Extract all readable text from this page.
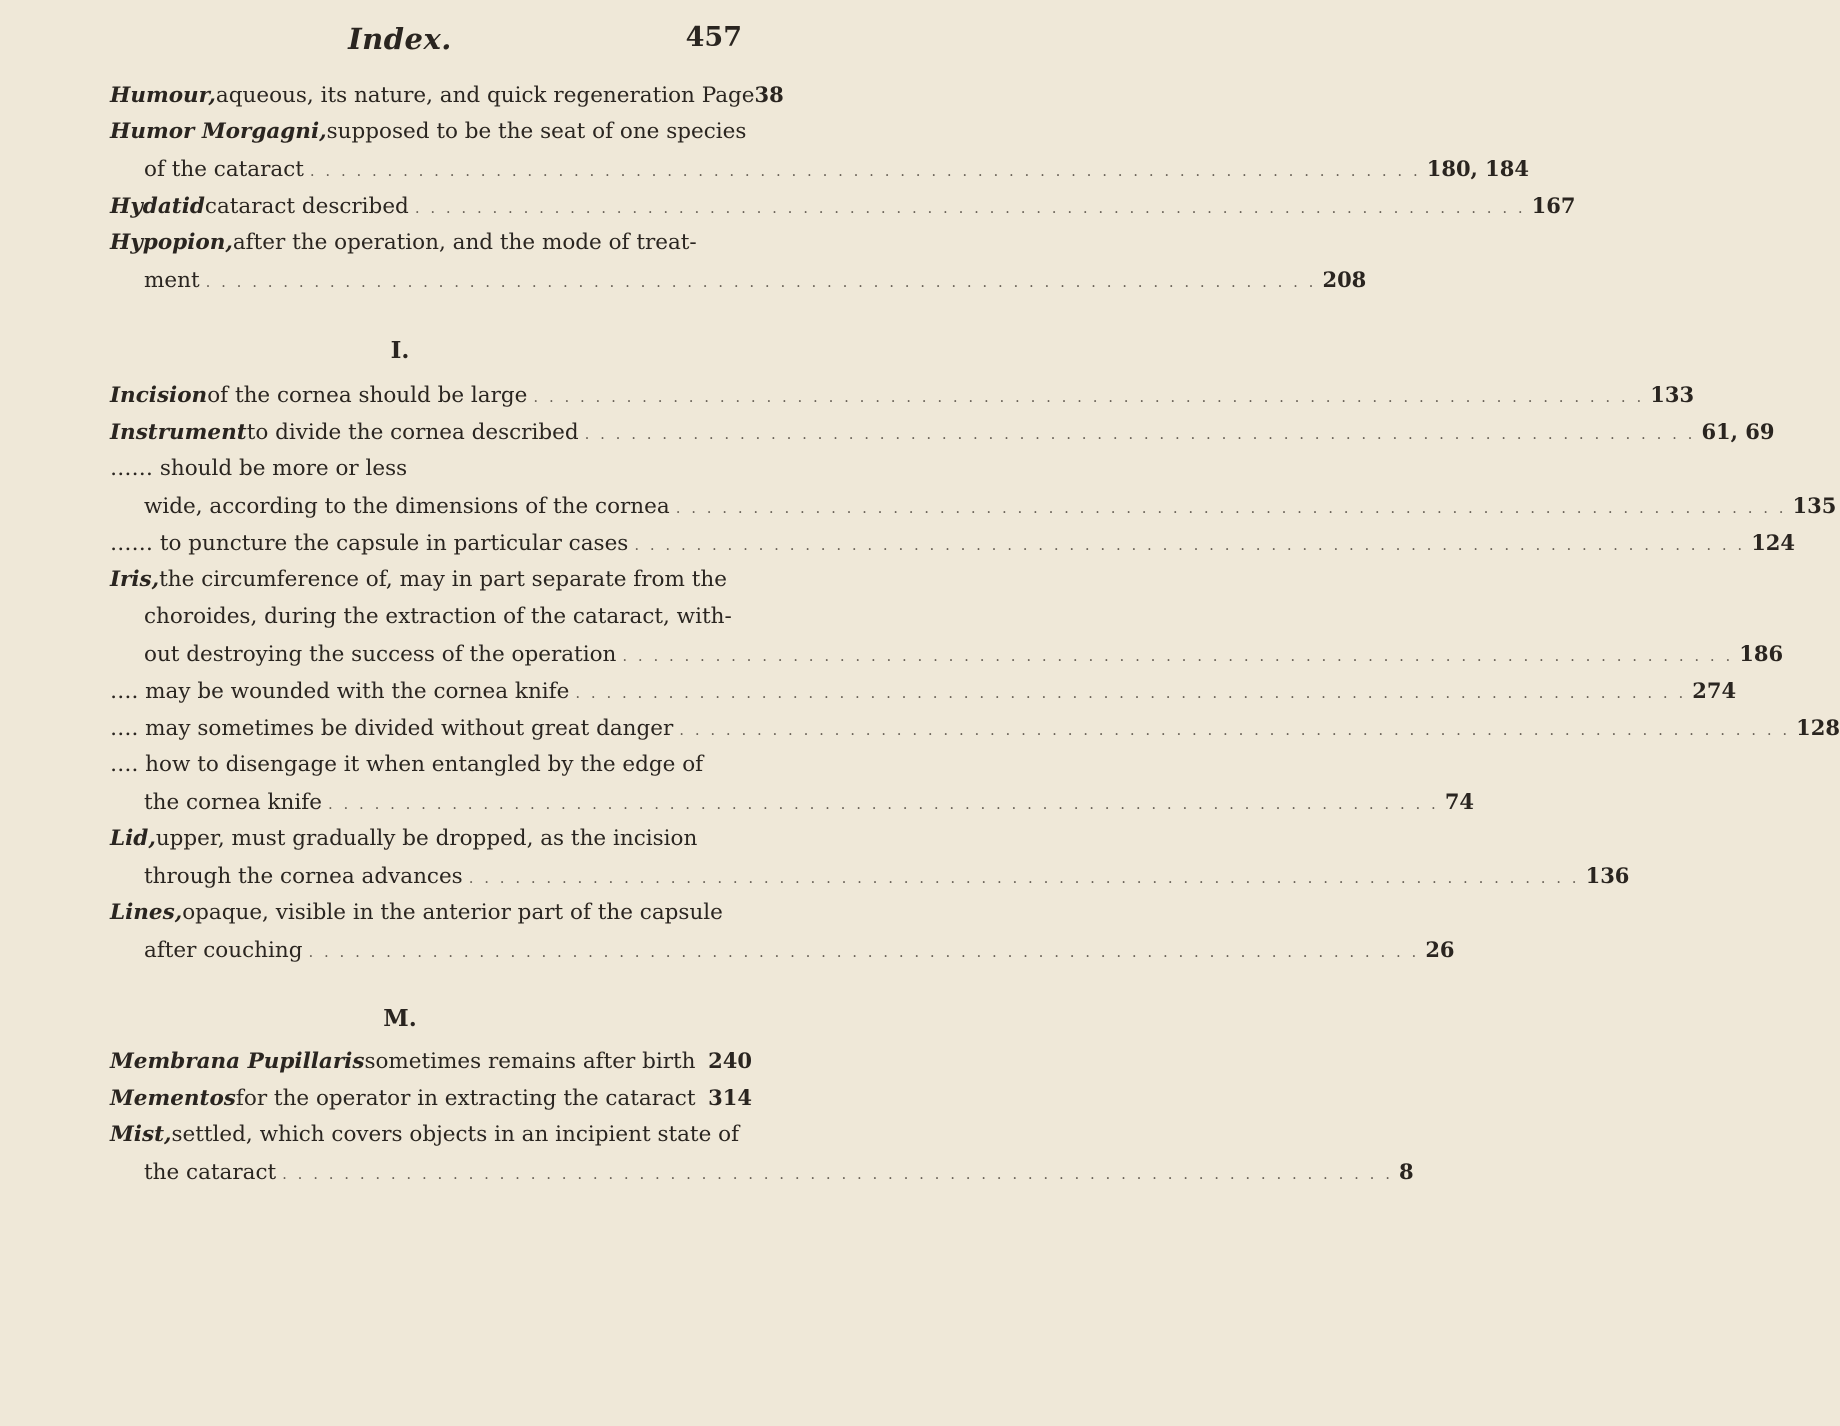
Index.	457
Humour, aqueous, its nature, and quick regeneration Page 38
Humor Morgagni, supposed to be the seat of one species
of the cataract . . .	180, 184
Hydatid cataract described . . .	167
Hypopion, after the operation, and the mode of treat-
ment . . .	208
I.
Incision of the cornea should be large . . .	133
Instrument to divide the cornea described . . .	61, 69
…… should be more or less
wide, according to the dimensions of the cornea . . .	135
…… to puncture the capsule in particular cases . . .	124
Iris, the circumference of, may in part separate from the
choroides, during the extraction of the cataract, with-
out destroying the success of the operation . . .	186
…. may be wounded with the cornea knife . . .	274
…. may sometimes be divided without great danger . . .	128
…. how to disengage it when entangled by the edge of
the cornea knife . . .	74
Lid, upper, must gradually be dropped, as the incision
through the cornea advances . . .	136
Lines, opaque, visible in the anterior part of the capsule
after couching . . .	26
M.
Membrana Pupillaris sometimes remains after birth . . . 240
Mementos for the operator in extracting the cataract . . . 314
Mist, settled, which covers objects in an incipient state of
the cataract . . .	8
